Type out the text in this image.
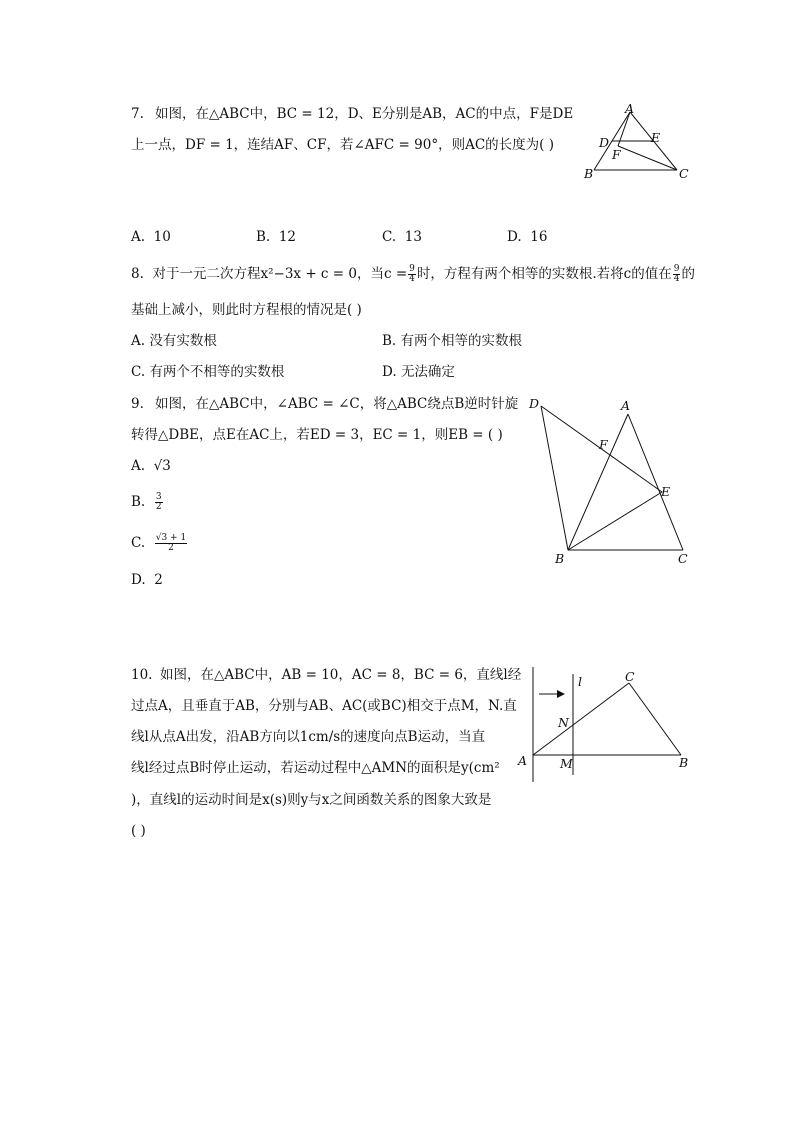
7. 如图，在△ABC中，BC = 12，D、E分别是AB，AC的中点，F是DE
上一点，DF = 1，连结AF、CF，若∠AFC = 90°，则AC的长度为( )
A
D	E
F
B	C
A. 10	B. 12	C. 13	D. 16
8. 对于一元二次方程x²−3x + c = 0，当$c = \frac{9}{4}$ 时，方程有两个相等的实数根.若将c的值在 $\frac{9}{4}$ 的
基础上减小，则此时方程根的情况是( )
A. 没有实数根	B. 有两个相等的实数根
C. 有两个不相等的实数根	D. 无法确定
9. 如图，在△ABC中，∠ABC = ∠C，将△ABC绕点B逆时针旋
转得△DBE，点E在AC上，若ED = 3，EC = 1，则EB = ( )
A. √3
B. $\frac{3}{2}$
C. $\frac{√3 + 1}{2}$
D. 2
D	A
F
E
B	C
10. 如图，在△ABC中，AB = 10，AC = 8，BC = 6，直线l经
过点A，且垂直于AB，分别与AB、AC(或BC)相交于点M，N.直
线l从点A出发，沿AB方向以1cm/s的速度向点B运动，当直
线l经过点B时停止运动，若运动过程中△AMN的面积是y(cm²
)，直线l的运动时间是x(s)则y与x之间函数关系的图象大致是
( )
l	C
N
A	M	B
